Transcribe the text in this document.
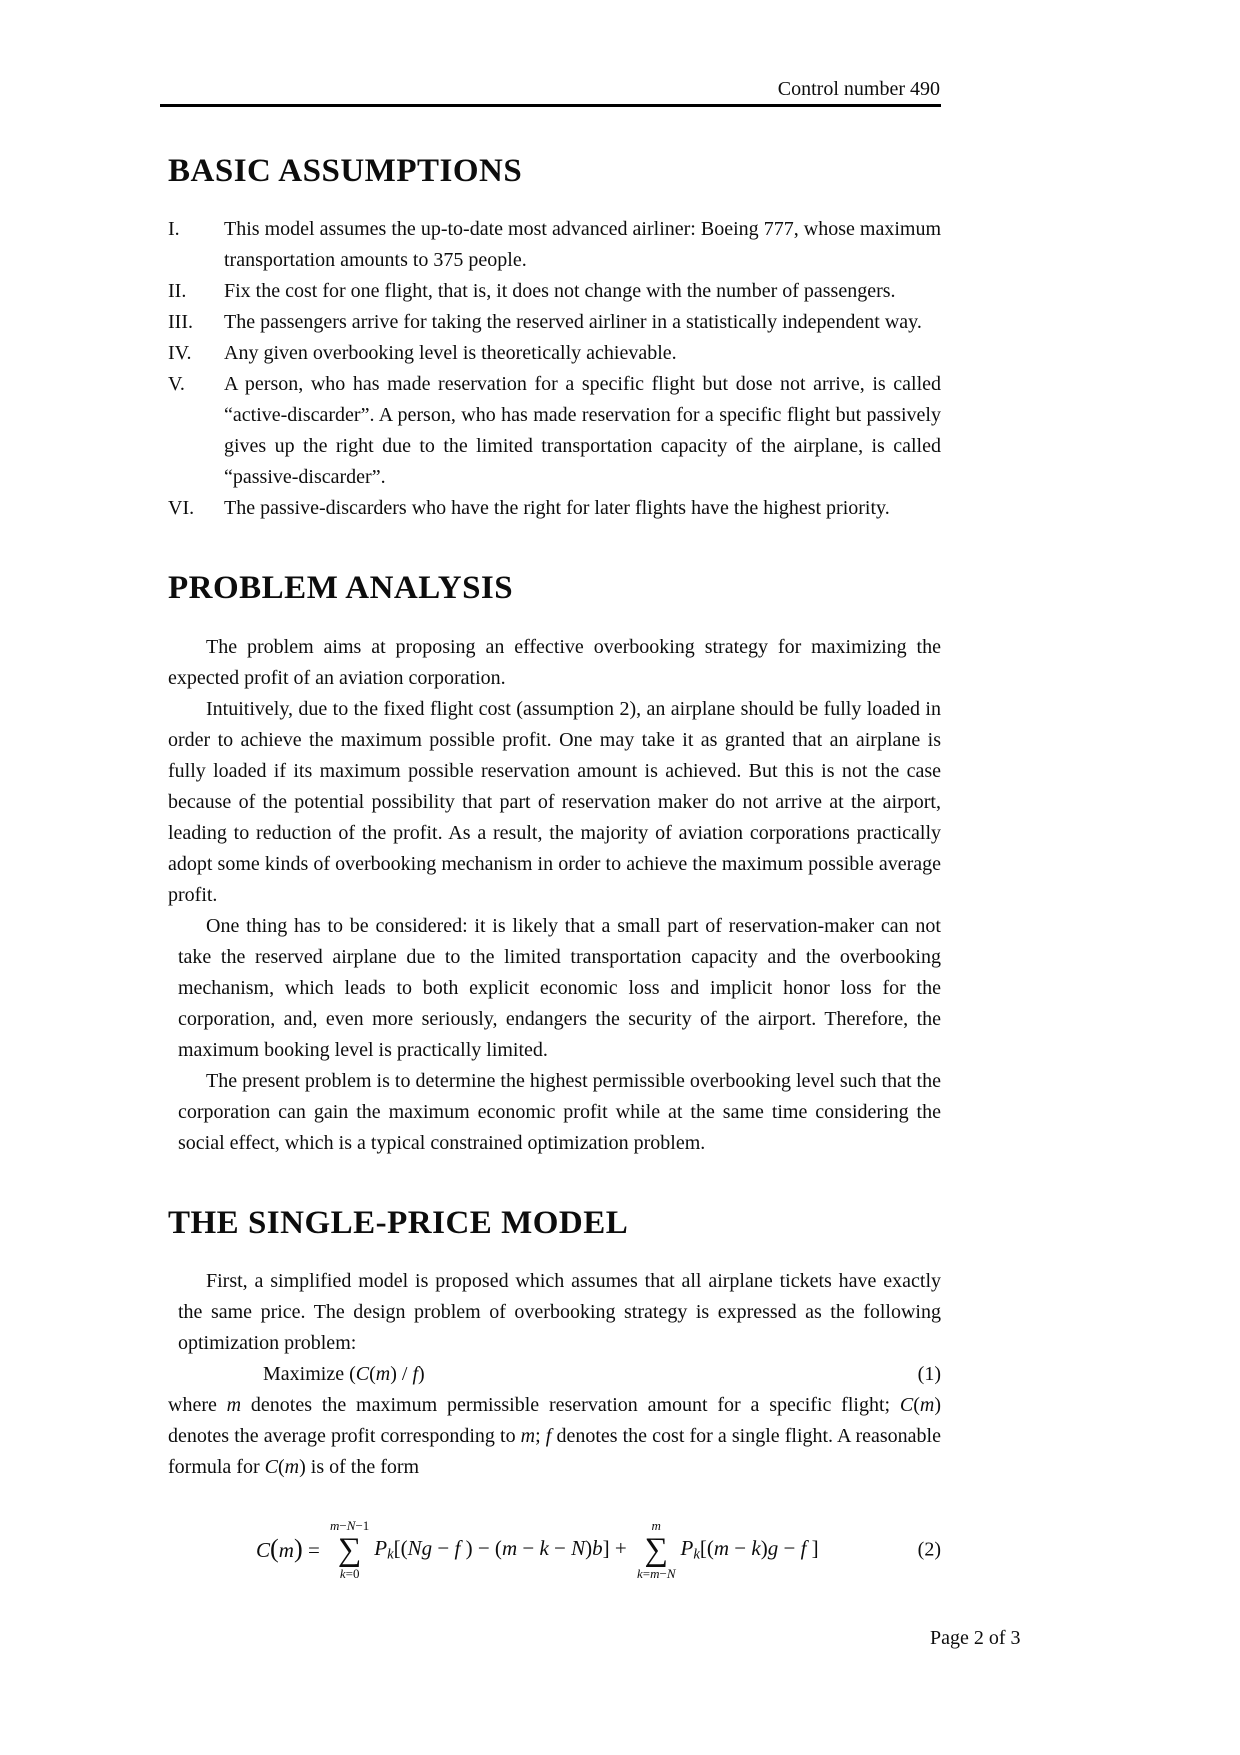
Control number 490
BASIC ASSUMPTIONS
I.	This model assumes the up-to-date most advanced airliner: Boeing 777, whose maximum transportation amounts to 375 people.
II.	Fix the cost for one flight, that is, it does not change with the number of passengers.
III.	The passengers arrive for taking the reserved airliner in a statistically independent way.
IV.	Any given overbooking level is theoretically achievable.
V.	A person, who has made reservation for a specific flight but dose not arrive, is called “active-discarder”. A person, who has made reservation for a specific flight but passively gives up the right due to the limited transportation capacity of the airplane, is called “passive-discarder”.
VI.	The passive-discarders who have the right for later flights have the highest priority.
PROBLEM ANALYSIS

The problem aims at proposing an effective overbooking strategy for maximizing the expected profit of an aviation corporation.

Intuitively, due to the fixed flight cost (assumption 2), an airplane should be fully loaded in order to achieve the maximum possible profit. One may take it as granted that an airplane is fully loaded if its maximum possible reservation amount is achieved. But this is not the case because of the potential possibility that part of reservation maker do not arrive at the airport, leading to reduction of the profit. As a result, the majority of aviation corporations practically adopt some kinds of overbooking mechanism in order to achieve the maximum possible average profit.

One thing has to be considered: it is likely that a small part of reservation-maker can not take the reserved airplane due to the limited transportation capacity and the overbooking mechanism, which leads to both explicit economic loss and implicit honor loss for the corporation, and, even more seriously, endangers the security of the airport. Therefore, the maximum booking level is practically limited.

The present problem is to determine the highest permissible overbooking level such that the corporation can gain the maximum economic profit while at the same time considering the social effect, which is a typical constrained optimization problem.

THE SINGLE-PRICE MODEL

First, a simplified model is proposed which assumes that all airplane tickets have exactly the same price. The design problem of overbooking strategy is expressed as the following optimization problem:

Maximize (C(m) / f)	(1)

where m denotes the maximum permissible reservation amount for a specific flight; C(m) denotes the average profit corresponding to m; f denotes the cost for a single flight. A reasonable formula for C(m) is of the form

C(m) =
m−N−1
∑
k=0
Pk[(Ng − f ) − (m − k − N)b] +
m
∑
k=m−N
Pk[(m − k)g − f ]	(2)
Page 2 of 3
